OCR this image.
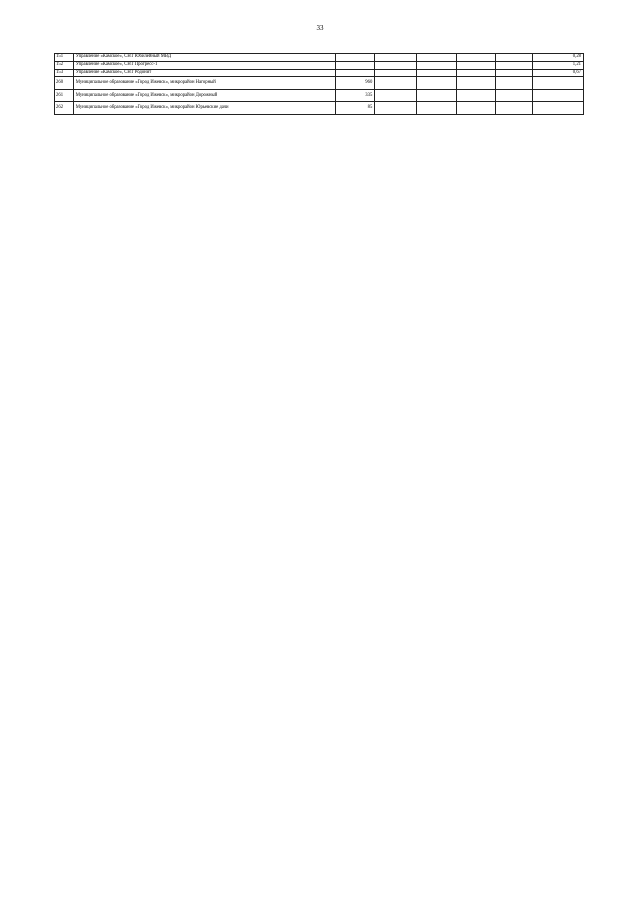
33
151	Управление «Камское», СНТ Юбилейный МВД						0,28
152	Управление «Камское», СНТ Прогресс-1						1,21
153	Управление «Камское», СНТ Родонит						0,67
260	Муниципальное образование «Город Ижевск», микрорайон Нагорный	960					
261	Муниципальное образование «Город Ижевск», микрорайон Дорожный	335					
262	Муниципальное образование «Город Ижевск», микрорайон Юрьевские дачи	85					
